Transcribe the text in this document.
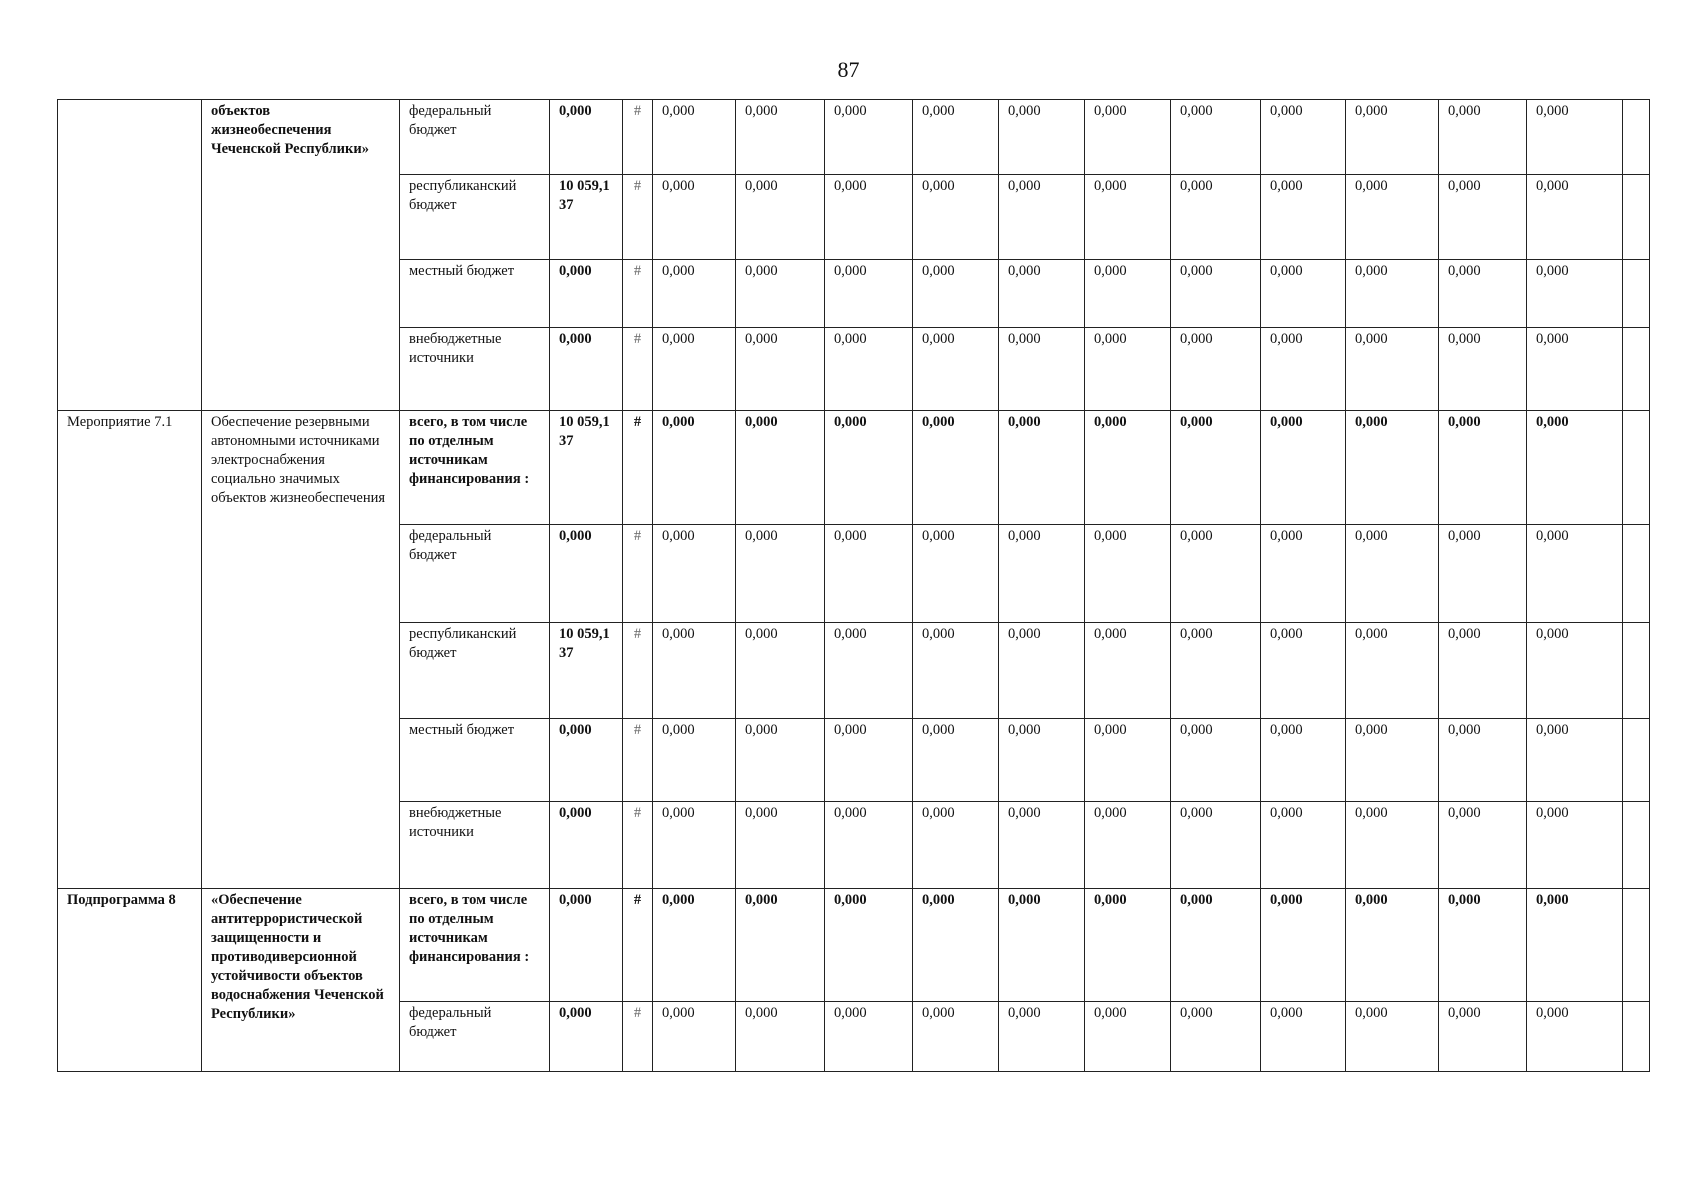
87
	объектов жизнеобеспечения Чеченской Республики»	федеральный бюджет	0,000	#	0,000	0,000	0,000	0,000	0,000	0,000	0,000	0,000	0,000	0,000	0,000	
		республиканский бюджет	10 059,137	#	0,000	0,000	0,000	0,000	0,000	0,000	0,000	0,000	0,000	0,000	0,000	
		местный бюджет	0,000	#	0,000	0,000	0,000	0,000	0,000	0,000	0,000	0,000	0,000	0,000	0,000	
		внебюджетные источники	0,000	#	0,000	0,000	0,000	0,000	0,000	0,000	0,000	0,000	0,000	0,000	0,000	
Мероприятие 7.1	Обеспечение резервными автономными источниками электроснабжения социально значимых объектов жизнеобеспечения	всего, в том числе по отделным источникам финансирования :	10 059,137	#	0,000	0,000	0,000	0,000	0,000	0,000	0,000	0,000	0,000	0,000	0,000	
		федеральный бюджет	0,000	#	0,000	0,000	0,000	0,000	0,000	0,000	0,000	0,000	0,000	0,000	0,000	
		республиканский бюджет	10 059,137	#	0,000	0,000	0,000	0,000	0,000	0,000	0,000	0,000	0,000	0,000	0,000	
		местный бюджет	0,000	#	0,000	0,000	0,000	0,000	0,000	0,000	0,000	0,000	0,000	0,000	0,000	
		внебюджетные источники	0,000	#	0,000	0,000	0,000	0,000	0,000	0,000	0,000	0,000	0,000	0,000	0,000	
Подпрограмма 8	«Обеспечение антитеррористической защищенности и противодиверсионной устойчивости объектов водоснабжения Чеченской Республики»	всего, в том числе по отделным источникам финансирования :	0,000	#	0,000	0,000	0,000	0,000	0,000	0,000	0,000	0,000	0,000	0,000	0,000	
		федеральный бюджет	0,000	#	0,000	0,000	0,000	0,000	0,000	0,000	0,000	0,000	0,000	0,000	0,000	
